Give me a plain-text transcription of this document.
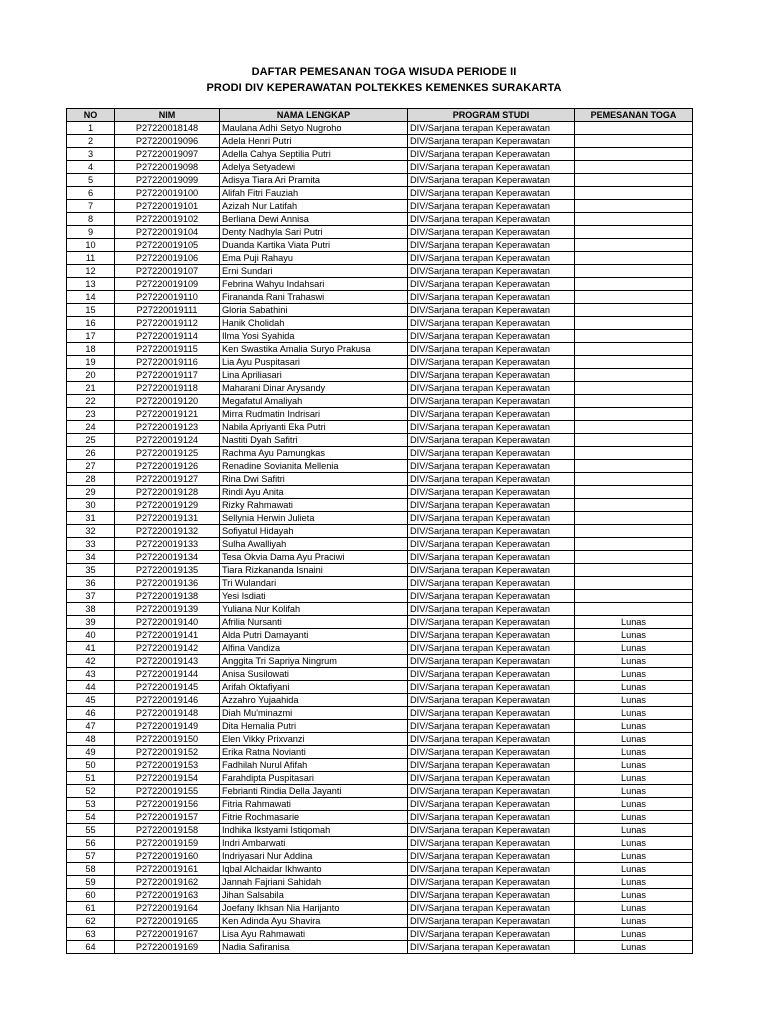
DAFTAR PEMESANAN TOGA WISUDA PERIODE II
PRODI DIV KEPERAWATAN POLTEKKES KEMENKES SURAKARTA
NO	NIM	NAMA LENGKAP	PROGRAM STUDI	PEMESANAN TOGA
1	P27220018148	Maulana Adhi Setyo Nugroho	DIV/Sarjana terapan Keperawatan	
2	P27220019096	Adela Henri Putri	DIV/Sarjana terapan Keperawatan	
3	P27220019097	Adella Cahya Septilia Putri	DIV/Sarjana terapan Keperawatan	
4	P27220019098	Adelya Setyadewi	DIV/Sarjana terapan Keperawatan	
5	P27220019099	Adisya Tiara Ari Pramita	DIV/Sarjana terapan Keperawatan	
6	P27220019100	Alifah Fitri Fauziah	DIV/Sarjana terapan Keperawatan	
7	P27220019101	Azizah Nur Latifah	DIV/Sarjana terapan Keperawatan	
8	P27220019102	Berliana Dewi Annisa	DIV/Sarjana terapan Keperawatan	
9	P27220019104	Denty Nadhyla Sari Putri	DIV/Sarjana terapan Keperawatan	
10	P27220019105	Duanda Kartika Viata Putri	DIV/Sarjana terapan Keperawatan	
11	P27220019106	Ema Puji Rahayu	DIV/Sarjana terapan Keperawatan	
12	P27220019107	Erni Sundari	DIV/Sarjana terapan Keperawatan	
13	P27220019109	Febrina Wahyu Indahsari	DIV/Sarjana terapan Keperawatan	
14	P27220019110	Firananda Rani Trahaswi	DIV/Sarjana terapan Keperawatan	
15	P27220019111	Gloria Sabathini	DIV/Sarjana terapan Keperawatan	
16	P27220019112	Hanik Cholidah	DIV/Sarjana terapan Keperawatan	
17	P27220019114	Ilma Yosi Syahida	DIV/Sarjana terapan Keperawatan	
18	P27220019115	Ken Swastika Amalia Suryo Prakusa	DIV/Sarjana terapan Keperawatan	
19	P27220019116	Lia Ayu Puspitasari	DIV/Sarjana terapan Keperawatan	
20	P27220019117	Lina Apriliasari	DIV/Sarjana terapan Keperawatan	
21	P27220019118	Maharani Dinar Arysandy	DIV/Sarjana terapan Keperawatan	
22	P27220019120	Megafatul Amaliyah	DIV/Sarjana terapan Keperawatan	
23	P27220019121	Mirra Rudmatin Indrisari	DIV/Sarjana terapan Keperawatan	
24	P27220019123	Nabila Apriyanti Eka Putri	DIV/Sarjana terapan Keperawatan	
25	P27220019124	Nastiti Dyah Safitri	DIV/Sarjana terapan Keperawatan	
26	P27220019125	Rachma Ayu Pamungkas	DIV/Sarjana terapan Keperawatan	
27	P27220019126	Renadine Sovianita Mellenia	DIV/Sarjana terapan Keperawatan	
28	P27220019127	Rina Dwi Safitri	DIV/Sarjana terapan Keperawatan	
29	P27220019128	Rindi Ayu Anita	DIV/Sarjana terapan Keperawatan	
30	P27220019129	Rizky Rahmawati	DIV/Sarjana terapan Keperawatan	
31	P27220019131	Sellynia Herwin Julieta	DIV/Sarjana terapan Keperawatan	
32	P27220019132	Sofiyatul Hidayah	DIV/Sarjana terapan Keperawatan	
33	P27220019133	Sulha Awalliyah	DIV/Sarjana terapan Keperawatan	
34	P27220019134	Tesa Okvia Dama Ayu Praciwi	DIV/Sarjana terapan Keperawatan	
35	P27220019135	Tiara Rizkananda Isnaini	DIV/Sarjana terapan Keperawatan	
36	P27220019136	Tri Wulandari	DIV/Sarjana terapan Keperawatan	
37	P27220019138	Yesi Isdiati	DIV/Sarjana terapan Keperawatan	
38	P27220019139	Yuliana Nur Kolifah	DIV/Sarjana terapan Keperawatan	
39	P27220019140	Afrilia Nursanti	DIV/Sarjana terapan Keperawatan	Lunas
40	P27220019141	Alda Putri Damayanti	DIV/Sarjana terapan Keperawatan	Lunas
41	P27220019142	Alfina Vandiza	DIV/Sarjana terapan Keperawatan	Lunas
42	P27220019143	Anggita Tri Sapriya Ningrum	DIV/Sarjana terapan Keperawatan	Lunas
43	P27220019144	Anisa Susilowati	DIV/Sarjana terapan Keperawatan	Lunas
44	P27220019145	Arifah Oktafiyani	DIV/Sarjana terapan Keperawatan	Lunas
45	P27220019146	Azzahro Yujaahida	DIV/Sarjana terapan Keperawatan	Lunas
46	P27220019148	Diah Mu'minazmi	DIV/Sarjana terapan Keperawatan	Lunas
47	P27220019149	Dita Hemalia Putri	DIV/Sarjana terapan Keperawatan	Lunas
48	P27220019150	Elen Vikky Prixvanzi	DIV/Sarjana terapan Keperawatan	Lunas
49	P27220019152	Erika Ratna Novianti	DIV/Sarjana terapan Keperawatan	Lunas
50	P27220019153	Fadhilah Nurul Afifah	DIV/Sarjana terapan Keperawatan	Lunas
51	P27220019154	Farahdipta Puspitasari	DIV/Sarjana terapan Keperawatan	Lunas
52	P27220019155	Febrianti Rindia Della Jayanti	DIV/Sarjana terapan Keperawatan	Lunas
53	P27220019156	Fitria Rahmawati	DIV/Sarjana terapan Keperawatan	Lunas
54	P27220019157	Fitrie Rochmasarie	DIV/Sarjana terapan Keperawatan	Lunas
55	P27220019158	Indhika Ikstyami Istiqomah	DIV/Sarjana terapan Keperawatan	Lunas
56	P27220019159	Indri Ambarwati	DIV/Sarjana terapan Keperawatan	Lunas
57	P27220019160	Indriyasari Nur Addina	DIV/Sarjana terapan Keperawatan	Lunas
58	P27220019161	Iqbal Alchaidar Ikhwanto	DIV/Sarjana terapan Keperawatan	Lunas
59	P27220019162	Jannah Fajriani Sahidah	DIV/Sarjana terapan Keperawatan	Lunas
60	P27220019163	Jihan Salsabila	DIV/Sarjana terapan Keperawatan	Lunas
61	P27220019164	Joefany Ikhsan Nia Harijanto	DIV/Sarjana terapan Keperawatan	Lunas
62	P27220019165	Ken Adinda Ayu Shavira	DIV/Sarjana terapan Keperawatan	Lunas
63	P27220019167	Lisa Ayu Rahmawati	DIV/Sarjana terapan Keperawatan	Lunas
64	P27220019169	Nadia Safiranisa	DIV/Sarjana terapan Keperawatan	Lunas
